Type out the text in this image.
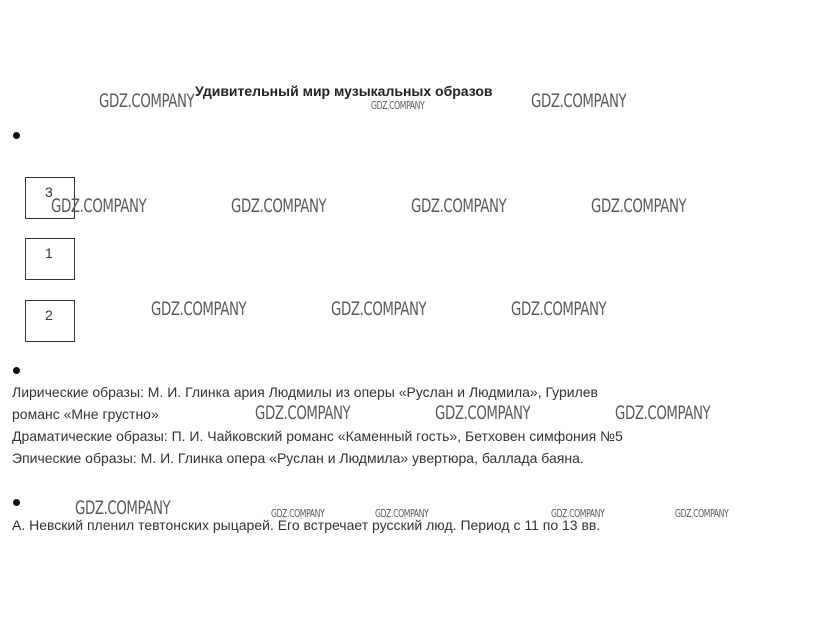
Удивительный мир музыкальных образов
3
1
2
Лирические образы: М. И. Глинка ария Людмилы из оперы «Руслан и Людмила», Гурилев
романс «Мне грустно»
Драматические образы: П. И. Чайковский романс «Каменный гость», Бетховен симфония №5
Эпические образы: М. И. Глинка опера «Руслан и Людмила» увертюра, баллада баяна.
А. Невский пленил тевтонских рыцарей. Его встречает русский люд. Период с 11 по 13 вв.
GDZ.COMPANY	GDZ.COMPANY	GDZ.COMPANY
GDZ.COMPANY	GDZ.COMPANY	GDZ.COMPANY	GDZ.COMPANY
GDZ.COMPANY	GDZ.COMPANY	GDZ.COMPANY
GDZ.COMPANY	GDZ.COMPANY	GDZ.COMPANY
GDZ.COMPANY	GDZ.COMPANY	GDZ.COMPANY	GDZ.COMPANY	GDZ.COMPANY
